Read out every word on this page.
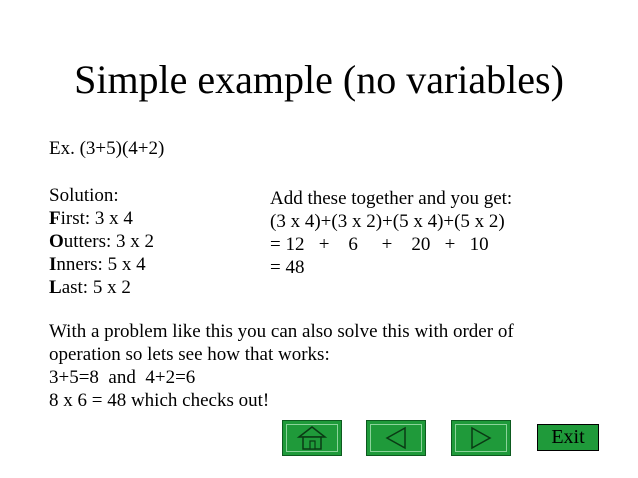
Simple example (no variables)
Ex. (3+5)(4+2)
Solution:
First: 3 x 4
Outters: 3 x 2
Inners: 5 x 4
Last: 5 x 2
Add these together and you get:
(3 x 4)+(3 x 2)+(5 x 4)+(5 x 2)
= 12   +    6     +    20   +   10
= 48
With a problem like this you can also solve this with order of
operation so lets see how that works:
3+5=8  and  4+2=6
8 x 6 = 48 which checks out!
Exit
